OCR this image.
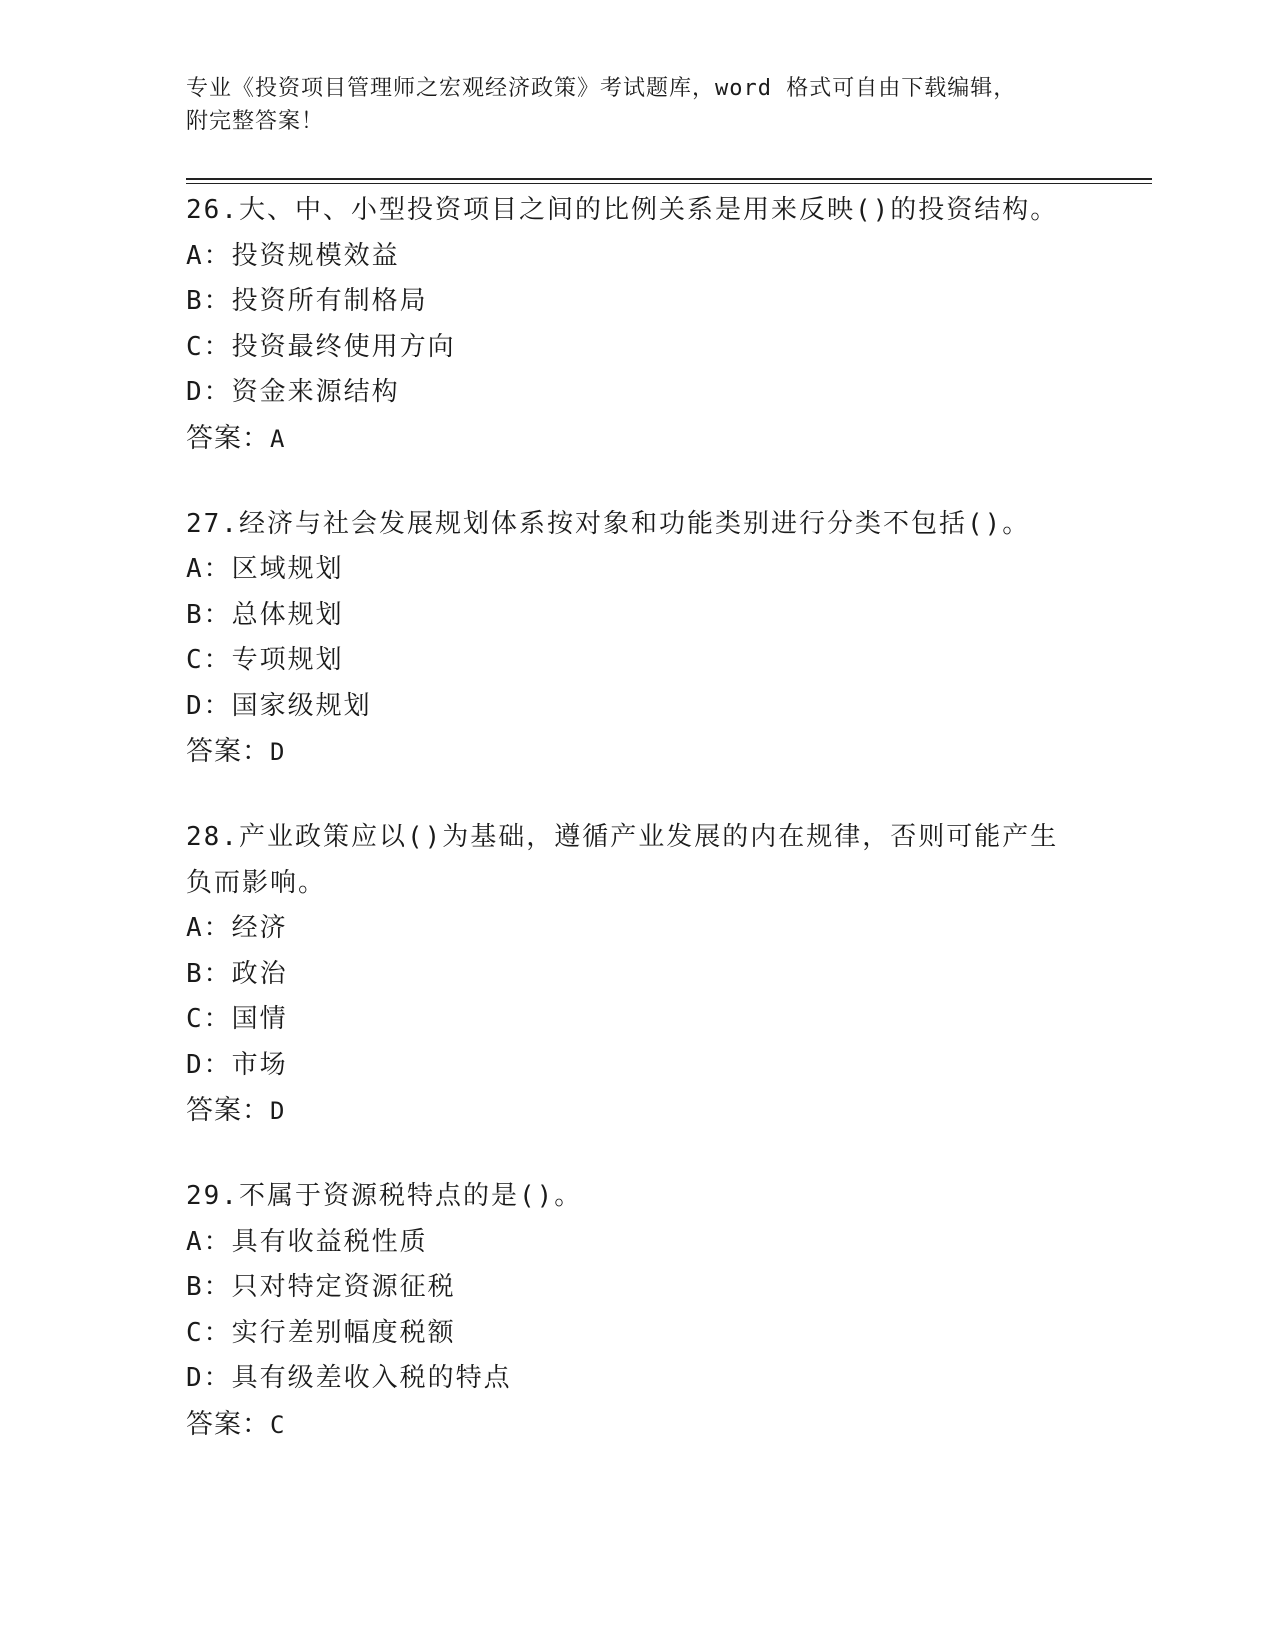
专业《投资项目管理师之宏观经济政策》考试题库，word 格式可自由下载编辑，
附完整答案！
26.大、中、小型投资项目之间的比例关系是用来反映()的投资结构。
A：投资规模效益
B：投资所有制格局
C：投资最终使用方向
D：资金来源结构
答案：A
27.经济与社会发展规划体系按对象和功能类别进行分类不包括()。
A：区域规划
B：总体规划
C：专项规划
D：国家级规划
答案：D
28.产业政策应以()为基础，遵循产业发展的内在规律，否则可能产生负而影响。
A：经济
B：政治
C：国情
D：市场
答案：D
29.不属于资源税特点的是()。
A：具有收益税性质
B：只对特定资源征税
C：实行差别幅度税额
D：具有级差收入税的特点
答案：C
